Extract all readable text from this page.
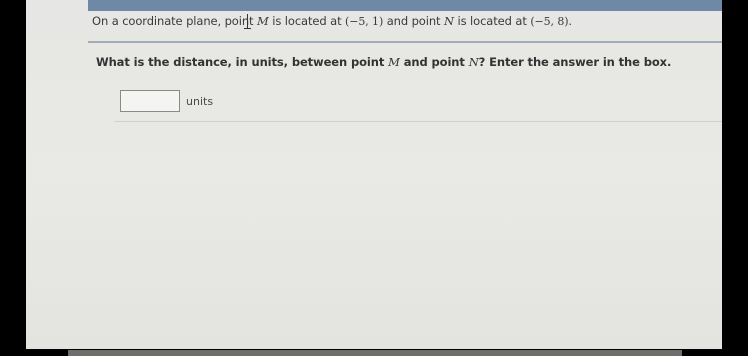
On a coordinate plane, point M is located at (−5, 1) and point N is located at (−5, 8).
What is the distance, in units, between point M and point N? Enter the answer in the box.
units
